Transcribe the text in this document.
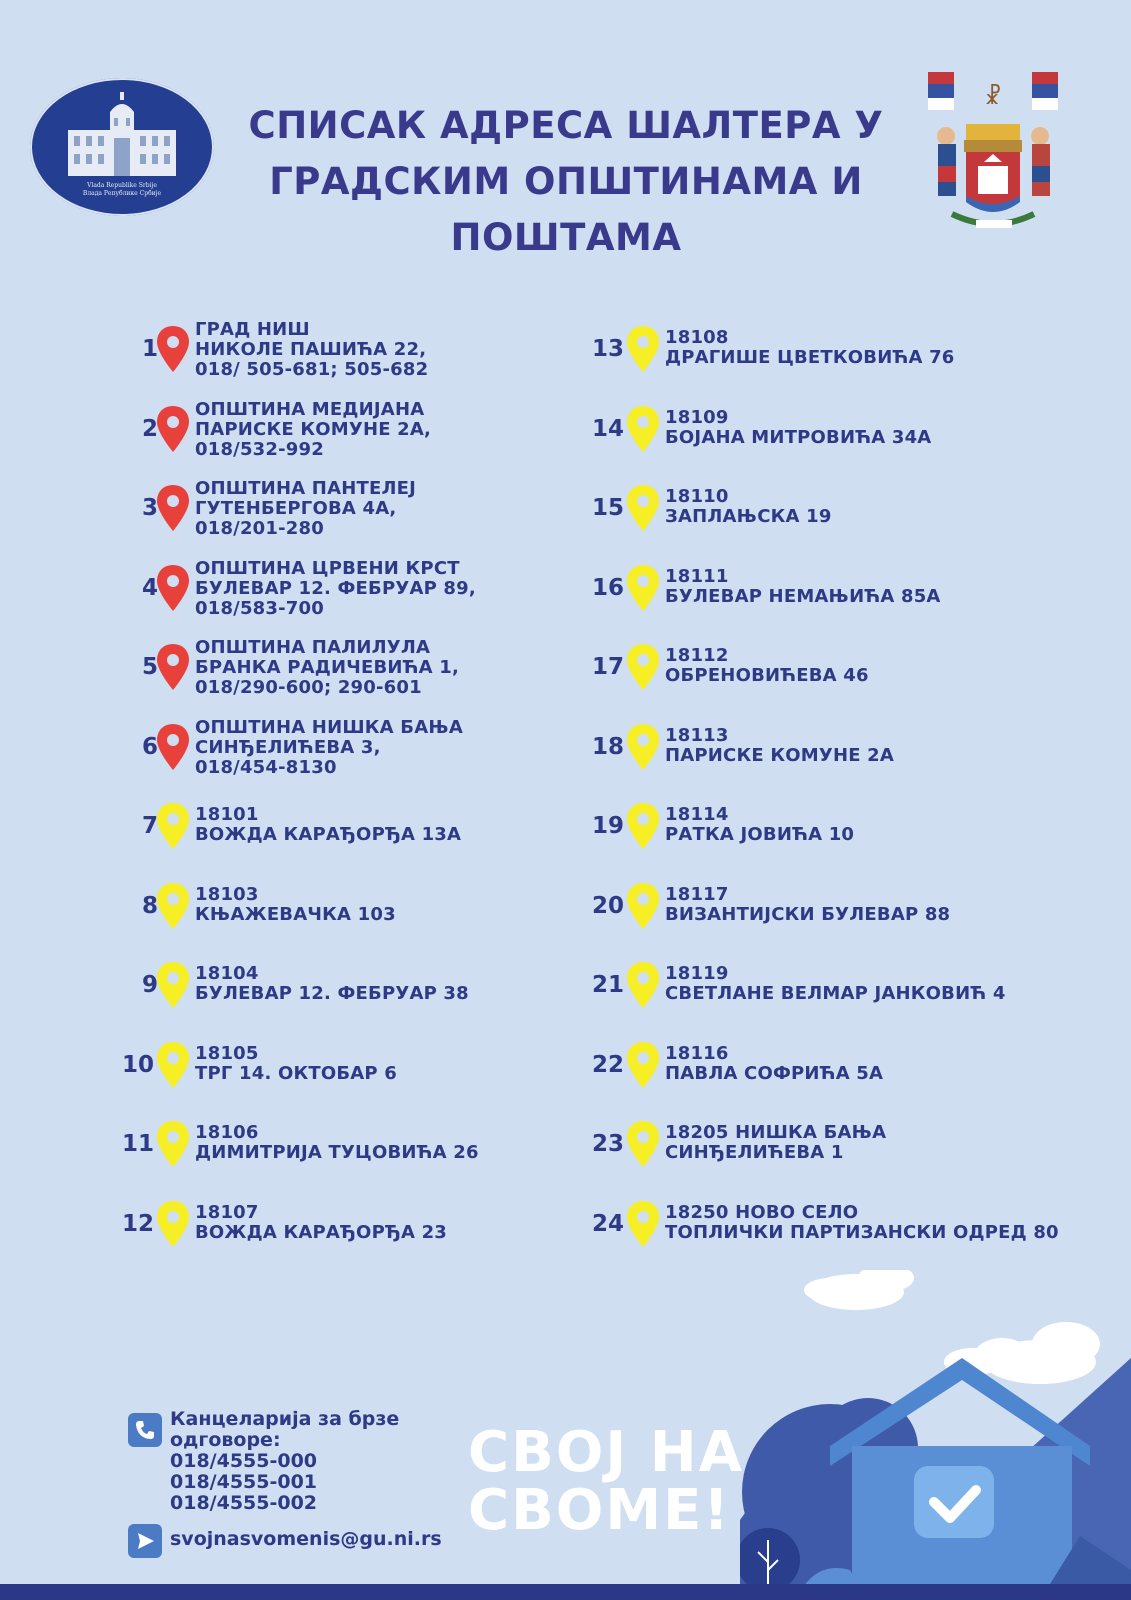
Vlada Republike Srbije
Влада Републике Србије
☧
СПИСАК АДРЕСА ШАЛТЕРА У
ГРАДСКИМ ОПШТИНАМА И
ПОШТАМА
1
ГРАД НИШ
НИКОЛЕ ПАШИЋА 22,
018/ 505-681; 505-682
2
ОПШТИНА МЕДИЈАНА
ПАРИСКЕ КОМУНЕ 2А,
018/532-992
3
ОПШТИНА ПАНТЕЛЕЈ
ГУТЕНБЕРГОВА 4А,
018/201-280
4
ОПШТИНА ЦРВЕНИ КРСТ
БУЛЕВАР 12. ФЕБРУАР 89,
018/583-700
5
ОПШТИНА ПАЛИЛУЛА
БРАНКА РАДИЧЕВИЋА 1,
018/290-600; 290-601
6
ОПШТИНА НИШКА БАЊА
СИНЂЕЛИЋЕВА 3,
018/454-8130
7 18101
ВОЖДА КАРАЂОРЂА 13А
8 18103
КЊАЖЕВАЧКА 103
9 18104
БУЛЕВАР 12. ФЕБРУАР 38
10 18105
ТРГ 14. ОКТОБАР 6
11 18106
ДИМИТРИЈА ТУЦОВИЋА 26
12 18107
ВОЖДА КАРАЂОРЂА 23
13 18108
ДРАГИШЕ ЦВЕТКОВИЋА 76
14 18109
БОЈАНА МИТРОВИЋА 34А
15 18110
ЗАПЛАЊСКА 19
16 18111
БУЛЕВАР НЕМАЊИЋА 85А
17 18112
ОБРЕНОВИЋЕВА 46
18 18113
ПАРИСКЕ КОМУНЕ 2А
19 18114
РАТКА ЈОВИЋА 10
20 18117
ВИЗАНТИЈСКИ БУЛЕВАР 88
21 18119
СВЕТЛАНЕ ВЕЛМАР ЈАНКОВИЋ 4
22 18116
ПАВЛА СОФРИЋА 5А
23 18205 НИШКА БАЊА
СИНЂЕЛИЋЕВА 1
24 18250 НОВО СЕЛО
ТОПЛИЧКИ ПАРТИЗАНСКИ ОДРЕД 80
Канцеларија за брзе
одговоре:
018/4555-000
018/4555-001
018/4555-002
svojnasvomenis@gu.ni.rs
СВОЈ НА
СВОМЕ!
